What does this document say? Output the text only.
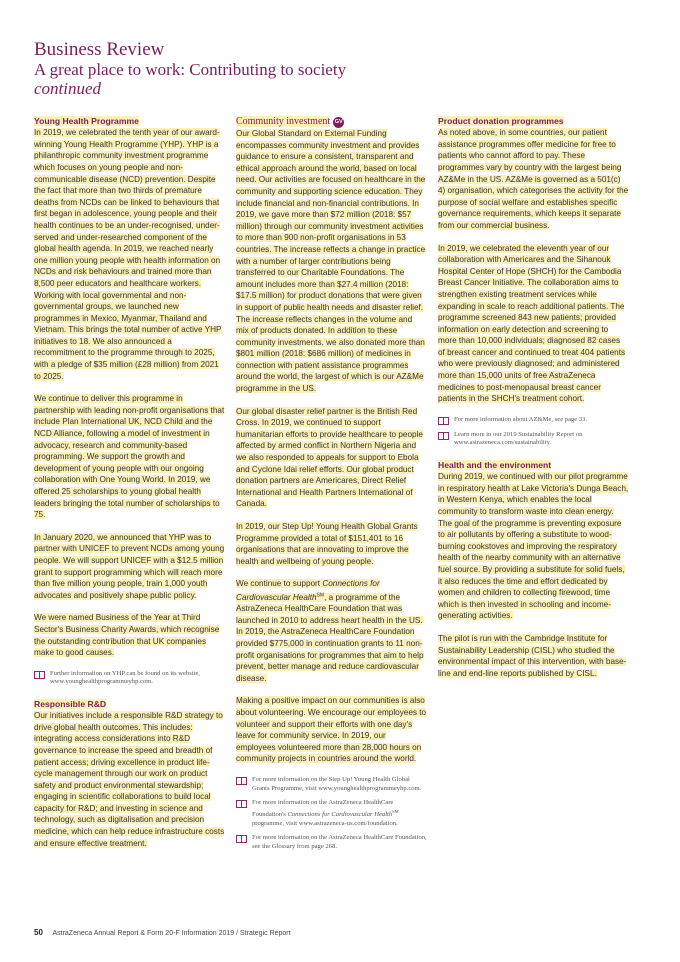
Business Review
A great place to work: Contributing to society
continued
Young Health Programme

In 2019, we celebrated the tenth year of our award-winning Young Health Programme (YHP). YHP is a philanthropic community investment programme which focuses on young people and non-communicable disease (NCD) prevention. Despite the fact that more than two thirds of premature deaths from NCDs can be linked to behaviours that first began in adolescence, young people and their health continues to be an under-recognised, under-served and under-researched component of the global health agenda. In 2019, we reached nearly one million young people with health information on NCDs and risk behaviours and trained more than 8,500 peer educators and healthcare workers. Working with local governmental and non-governmental groups, we launched new programmes in Mexico, Myanmar, Thailand and Vietnam. This brings the total number of active YHP initiatives to 18. We also announced a recommitment to the programme through to 2025, with a pledge of $35 million (£28 million) from 2021 to 2025.

We continue to deliver this programme in partnership with leading non-profit organisations that include Plan International UK, NCD Child and the NCD Alliance, following a model of investment in advocacy, research and community-based programming. We support the growth and development of young people with our ongoing collaboration with One Young World. In 2019, we offered 25 scholarships to young global health leaders bringing the total number of scholarships to 75.

In January 2020, we announced that YHP was to partner with UNICEF to prevent NCDs among young people. We will support UNICEF with a $12.5 million grant to support programming which will reach more than five million young people, train 1,000 youth advocates and positively shape public policy.

We were named Business of the Year at Third Sector's Business Charity Awards, which recognise the outstanding contribution that UK companies make to good causes.

Further information on YHP can be found on its website, www.younghealthprogrammeyhp.com.
Responsible R&D

Our initiatives include a responsible R&D strategy to drive global health outcomes. This includes: integrating access considerations into R&D governance to increase the speed and breadth of patient access; driving excellence in product life-cycle management through our work on product safety and product environmental stewardship; engaging in scientific collaborations to build local capacity for R&D; and investing in science and technology, such as digitalisation and precision medicine, which can help reduce infrastructure costs and ensure effective treatment.

Community investment GV

Our Global Standard on External Funding encompasses community investment and provides guidance to ensure a consistent, transparent and ethical approach around the world, based on local need. Our activities are focused on healthcare in the community and supporting science education. They include financial and non-financial contributions. In 2019, we gave more than $72 million (2018: $57 million) through our community investment activities to more than 900 non-profit organisations in 53 countries. The increase reflects a change in practice with a number of larger contributions being transferred to our Charitable Foundations. The amount includes more than $27.4 million (2018: $17.5 million) for product donations that were given in support of public health needs and disaster relief. The increase reflects changes in the volume and mix of products donated. In addition to these community investments, we also donated more than $801 million (2018: $686 million) of medicines in connection with patient assistance programmes around the world, the largest of which is our AZ&Me programme in the US.

Our global disaster relief partner is the British Red Cross. In 2019, we continued to support humanitarian efforts to provide healthcare to people affected by armed conflict in Northern Nigeria and we also responded to appeals for support to Ebola and Cyclone Idai relief efforts. Our global product donation partners are Americares, Direct Relief International and Health Partners International of Canada.

In 2019, our Step Up! Young Health Global Grants Programme provided a total of $151,401 to 16 organisations that are innovating to improve the health and wellbeing of young people.

We continue to support Connections for Cardiovascular Health℠, a programme of the AstraZeneca HealthCare Foundation that was launched in 2010 to address heart health in the US. In 2019, the AstraZeneca HealthCare Foundation provided $775,000 in continuation grants to 11 non-profit organisations for programmes that aim to help prevent, better manage and reduce cardiovascular disease.

Making a positive impact on our communities is also about volunteering. We encourage our employees to volunteer and support their efforts with one day's leave for community service. In 2019, our employees volunteered more than 28,000 hours on community projects in countries around the world.

For more information on the Step Up! Young Health Global Grants Programme, visit www.younghealthprogrammeyhp.com.
For more information on the AstraZeneca HealthCare Foundation's Connections for Cardiovascular Health℠ programme, visit www.astrazeneca-us.com/foundation.
For more information on the AstraZeneca HealthCare Foundation, see the Glossary from page 268.
Product donation programmes

As noted above, in some countries, our patient assistance programmes offer medicine for free to patients who cannot afford to pay. These programmes vary by country with the largest being AZ&Me in the US. AZ&Me is governed as a 501(c) 4) organisation, which categorises the activity for the purpose of social welfare and establishes specific governance requirements, which keeps it separate from our commercial business.

In 2019, we celebrated the eleventh year of our collaboration with Americares and the Sihanouk Hospital Center of Hope (SHCH) for the Cambodia Breast Cancer Initiative. The collaboration aims to strengthen existing treatment services while expanding in scale to reach additional patients. The programme screened 843 new patients; provided information on early detection and screening to more than 10,000 individuals; diagnosed 82 cases of breast cancer and continued to treat 404 patients who were previously diagnosed; and administered more than 15,000 units of free AstraZeneca medicines to post-menopausal breast cancer patients in the SHCH's treatment cohort.

For more information about AZ&Me, see page 33.
Learn more in our 2019 Sustainability Report on www.astrazeneca.com/sustainability.
Health and the environment

During 2019, we continued with our pilot programme in respiratory health at Lake Victoria's Dunga Beach, in Western Kenya, which enables the local community to transform waste into clean energy. The goal of the programme is preventing exposure to air pollutants by offering a substitute to wood-burning cookstoves and improving the respiratory health of the nearby community with an alternative fuel source. By providing a substitute for solid fuels, it also reduces the time and effort dedicated by women and children to collecting firewood, time which is then invested in schooling and income-generating activities.

The pilot is run with the Cambridge Institute for Sustainability Leadership (CISL) who studied the environmental impact of this intervention, with base-line and end-line reports published by CISL.

50 AstraZeneca Annual Report & Form 20-F Information 2019 / Strategic Report
